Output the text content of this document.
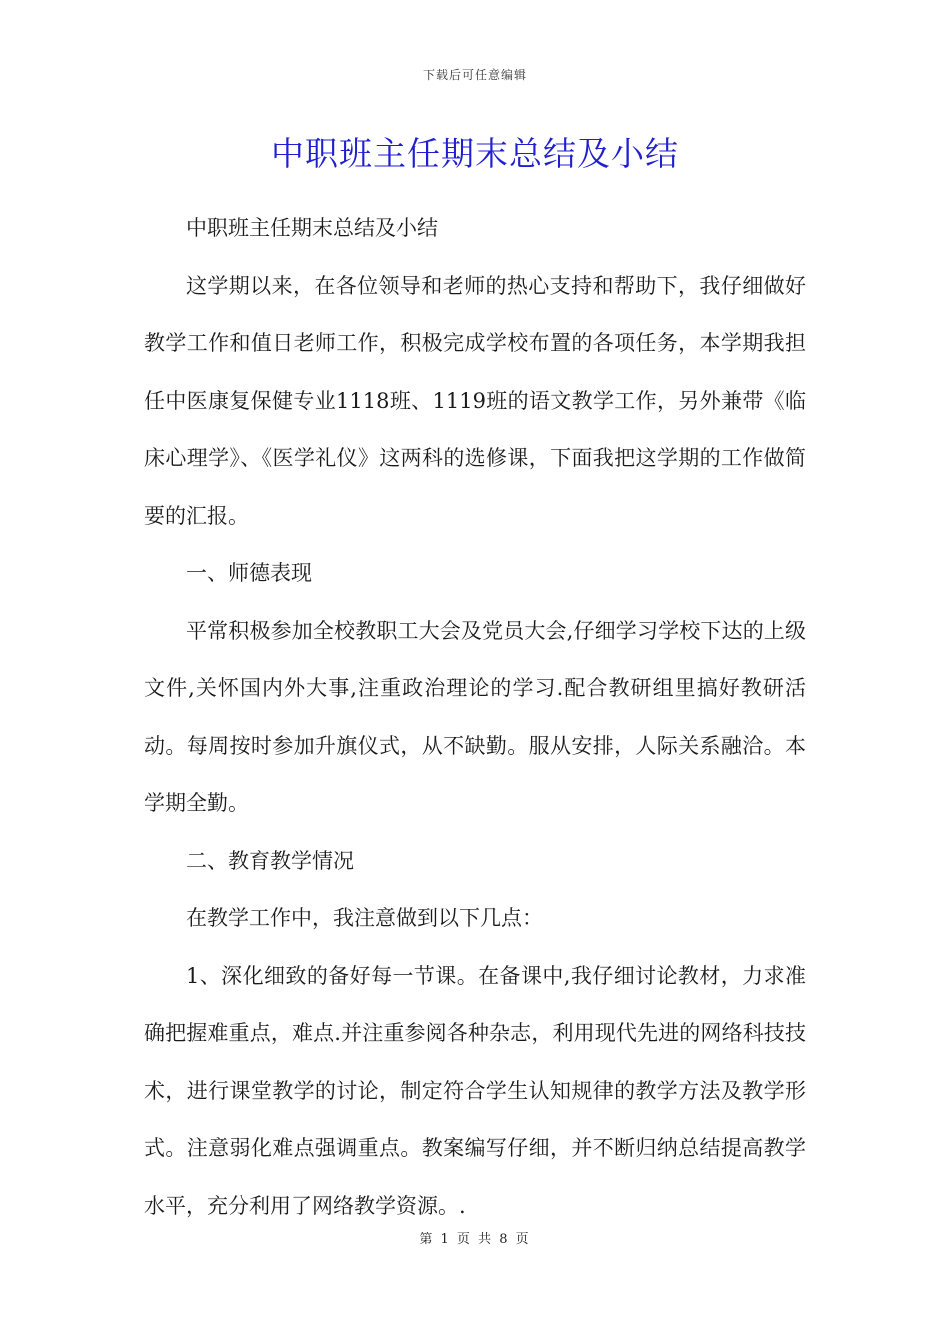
下载后可任意编辑
中职班主任期末总结及小结

中职班主任期末总结及小结

这学期以来，在各位领导和老师的热心支持和帮助下，我仔细做好教学工作和值日老师工作，积极完成学校布置的各项任务，本学期我担任中医康复保健专业1118班、1119班的语文教学工作，另外兼带《临床心理学》、《医学礼仪》这两科的选修课，下面我把这学期的工作做简要的汇报。

一、师德表现

平常积极参加全校教职工大会及党员大会,仔细学习学校下达的上级文件,关怀国内外大事,注重政治理论的学习.配合教研组里搞好教研活动。每周按时参加升旗仪式，从不缺勤。服从安排，人际关系融洽。本学期全勤。

二、教育教学情况

在教学工作中，我注意做到以下几点：

1、深化细致的备好每一节课。在备课中,我仔细讨论教材，力求准确把握难重点，难点.并注重参阅各种杂志，利用现代先进的网络科技技术，进行课堂教学的讨论，制定符合学生认知规律的教学方法及教学形式。注意弱化难点强调重点。教案编写仔细，并不断归纳总结提高教学水平，充分利用了网络教学资源。.

第 1 页 共 8 页
